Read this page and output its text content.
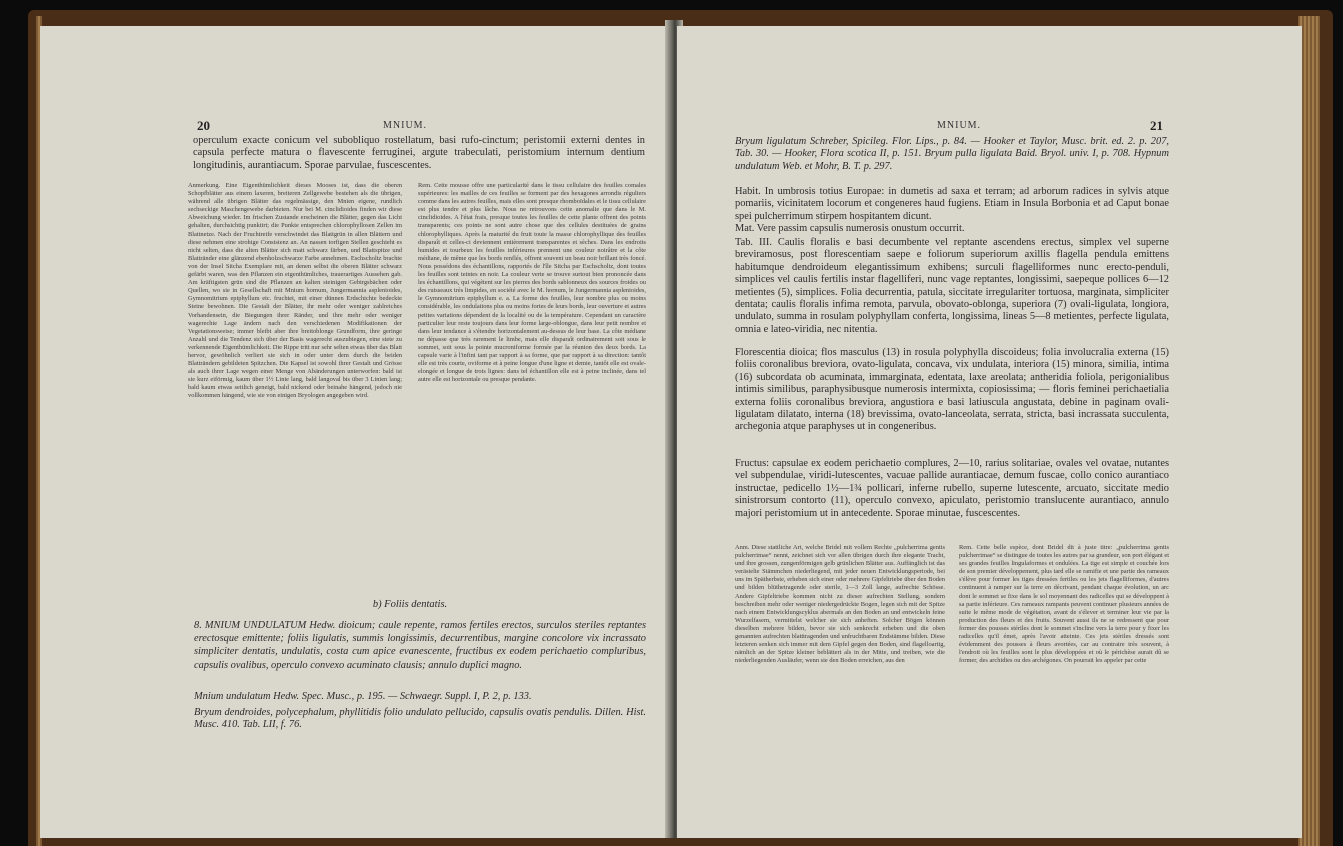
20	MNIUM.

operculum exacte conicum vel subobliquo rostellatum, basi rufo-cinctum; peristomii externi dentes in capsula perfecte matura o flavescente ferruginei, argute trabeculati, peristomium internum dentium longitudinis, aurantiacum. Sporae parvulae, fuscescentes.

Anmerkung. Eine Eigenthümlichkeit dieses Mooses ist, dass die oberen Schopfblätter aus einem laxeren, breiteren Zellgewebe bestehen als die übrigen, während alle übrigen Blätter das regelmässige, den Mnien eigene, rundlich sechseckige Maschengewebe darbieten. Nur bei M. cinclidioides finden wir diese Abweichung wieder. Im frischen Zustande erscheinen die Blätter, gegen das Licht gehalten, durchsichtig punktirt; die Punkte entsprechen chlorophyllosen Zellen im Blattnetze. Nach der Fruchtreife verschwindet das Blattgrün in allen Blättern und diese nehmen eine strohige Consistenz an. An nassen torfigen Stellen geschieht es nicht selten, dass die alten Blätter sich matt schwarz färben, und Blattspitze und Blattränder eine glänzend ebenholzschwarze Farbe annehmen. Eschscholtz brachte von der Insel Sitcha Exemplare mit, an denen selbst die oberen Blätter schwarz gefärbt waren, was den Pflanzen ein eigenthümliches, trauerartiges Aussehen gab. Am kräftigsten grün sind die Pflanzen an kalten steinigen Gebirgsbächen oder Quellen, wo sie in Gesellschaft mit Mnium hornum, Jungermannia asplenioides, Gymnomitrium epiphyllum etc. fruchtet, mit einer dünnen Erdschichte bedeckte Steine bewohnen. Die Gestalt der Blätter, ihr mehr oder weniger zahlreiches Vorhandensein, die Biegungen ihrer Ränder, und ihre mehr oder weniger wagerechte Lage ändern nach den verschiedenen Modifikationen der Vegetationsweise; immer bleibt aber ihre breitoblonge Grundform, ihre geringe Anzahl und die Tendenz sich über der Basis wagerecht auszubiegen, eine stete zu verkennende Eigenthümlichkeit. Die Rippe tritt nur sehr selten etwas über das Blatt hervor, gewöhnlich verliert sie sich in oder unter dem durch die beiden Blatträndern gebildeten Spitzchen. Die Kapsel ist sowohl ihrer Gestalt und Grösse als auch ihrer Lage wegen einer Menge von Abänderungen unterworfen: bald ist sie kurz eiförmig, kaum über 1½ Linie lang, bald langoval bis über 3 Linien lang; bald kaum etwas seitlich geneigt, bald nickend oder beinahe hängend, jedoch nie vollkommen hängend, wie sie von einigen Bryologen angegeben wird.

Rem. Cette mousse offre une particularité dans le tissu cellulaire des feuilles comales supérieures: les mailles de ces feuilles se forment par des hexagones arrondis réguliers comme dans les autres feuilles, mais elles sont presque rhomboïdales et le tissu cellulaire est plus tendre et plus lâche. Nous ne retrouvons cette anomalie que dans le M. cinclidioides. A l'état frais, presque toutes les feuilles de cette plante offrent des points transparents; ces points ne sont autre chose que des cellules destituées de grains chlorophylliques. Après la maturité du fruit toute la masse chlorophyllique des feuilles disparaît et celles-ci deviennent entièrement transparentes et sèches. Dans les endroits humides et tourbeux les feuilles inférieures prennent une couleur noirâtre et la côte médiane, de même que les bords renflés, offrent souvent un beau noir brillant très foncé. Nous possédons des échantillons, rapportés de l'île Sitcha par Eschscholtz, dont toutes les feuilles sont teintes en noir. La couleur verte se trouve surtout bien prononcée dans les échantillons, qui végètent sur les pierres des bords sablonneux des sources froides ou des ruisseaux très limpides, en société avec le M. hornum, le Jungermannia asplenioides, le Gymnomitrium epiphyllum e. a. La forme des feuilles, leur nombre plus ou moins considérable, les ondulations plus ou moins fortes de leurs bords, leur ouverture et autres petites variations dépendent de la localité ou de la température. Cependant un caractère particulier leur reste toujours dans leur forme large-oblongue, dans leur petit nombre et dans leur tendance à s'étendre horizontalement au-dessus de leur base. La côte médiane ne dépasse que très rarement le limbe, mais elle disparaît ordinairement soit sous le sommet, soit sous la pointe mucroniforme formée par la réunion des deux bords. La capsule varie à l'infini tant par rapport à sa forme, que par rapport à sa direction: tantôt elle est très courte, oviforme et à peine longue d'une ligne et demie, tantôt elle est ovale-elongée et longue de trois lignes: dans tel échantillon elle est à peine inclinée, dans tel autre elle est horizontale ou presque pendante.

b) Foliis dentatis.

8. MNIUM UNDULATUM Hedw. dioicum; caule repente, ramos fertiles erectos, surculos steriles reptantes erectosque emittente; foliis ligulatis, summis longissimis, decurrentibus, margine concolore vix incrassato simpliciter dentatis, undulatis, costa cum apice evanescente, fructibus ex eodem perichaetio compluribus, capsulis ovalibus, operculo convexo acuminato clausis; annulo duplici magno.

Mnium undulatum Hedw. Spec. Musc., p. 195. — Schwaegr. Suppl. I, P. 2, p. 133.

Bryum dendroides, polycephalum, phyllitidis folio undulato pellucido, capsulis ovatis pendulis. Dillen. Hist. Musc. 410. Tab. LII, f. 76.

MNIUM.	21

Bryum ligulatum Schreber, Spicileg. Flor. Lips., p. 84. — Hooker et Taylor, Musc. brit. ed. 2. p. 207, Tab. 30. — Hooker, Flora scotica II, p. 151. Bryum pulla ligulata Baid. Bryol. univ. I, p. 708. Hypnum undulatum Web. et Mohr, B. T. p. 297.

Habit. In umbrosis totius Europae: in dumetis ad saxa et terram; ad arborum radices in sylvis atque pomariis, vicinitatem locorum et congeneres haud fugiens. Etiam in Insula Borbonia et ad Caput bonae spei pulcherrimum stirpem hospitantem dicunt.

Mat. Vere passim capsulis numerosis onustum occurrit.

Tab. III. Caulis floralis e basi decumbente vel reptante ascendens erectus, simplex vel superne breviramosus, post florescentiam saepe e foliorum superiorum axillis flagella pendula emittens habitumque dendroideum elegantissimum exhibens; surculi flagelliformes nunc erecto-penduli, simplices vel caulis fertilis instar flagelliferi, nunc vage reptantes, longissimi, saepeque pollices 6—12 metientes (5), simplices. Folia decurrentia, patula, siccitate irregulariter tortuosa, marginata, simpliciter dentata; caulis floralis infima remota, parvula, obovato-oblonga, superiora (7) ovali-ligulata, longiora, undulato, summa in rosulam polyphyllam conferta, longissima, lineas 5—8 metientes, perfecte ligulata, omnia e lateo-viridia, nec nitentia.

Florescentia dioica; flos masculus (13) in rosula polyphylla discoideus; folia involucralia externa (15) foliis coronalibus breviora, ovato-ligulata, concava, vix undulata, interiora (15) minora, similia, intima (16) subcordata ob acuminata, immarginata, edentata, laxe areolata; antheridia foliola, perigonialibus intimis similibus, paraphysibusque numerosis intermixta, copiosissima; — floris feminei perichaetialia externa foliis coronalibus breviora, angustiora e basi latiuscula angustata, debine in paginam ovali-ligulatam dilatato, interna (18) brevissima, ovato-lanceolata, serrata, stricta, basi incrassata succulenta, archegonia atque paraphyses ut in congeneribus.

Fructus: capsulae ex eodem perichaetio complures, 2—10, rarius solitariae, ovales vel ovatae, nutantes vel subpendulae, viridi-lutescentes, vacuae pallide aurantiacae, demum fuscae, collo conico aurantiaco instructae, pedicello 1½—1¾ pollicari, inferne rubello, superne lutescente, arcuato, siccitate medio sinistrorsum contorto (11), operculo convexo, apiculato, peristomio translucente aurantiaco, annulo majori peristomium ut in antecedente. Sporae minutae, fuscescentes.

Anm. Diese stattliche Art, welche Bridel mit vollem Rechte „pulcherrima gentis pulcherrimae“ nennt, zeichnet sich vor allen übrigen durch ihre elegante Tracht, und ihre grossen, zungenförmigen gelb grünlichen Blätter aus. Auffänglich ist das verästelte Stämmchen niederliegend, mit jeder neuen Entwicklungsperiode, bei uns im Spätherbste, erheben sich einer oder mehrere Gipfeltriebe über den Boden und bilden blüthetragende oder sterile, 1—3 Zoll lange, aufrechte Schösse. Andere Gipfeltriebe kommen nicht zu dieser aufrechten Stellung, sondern beschreiben mehr oder weniger niedergedrückte Bogen, legen sich mit der Spitze nach einem Entwicklungscyklus abermals an den Boden an und entwickeln feine Wurzelfasern, vermittelst welcher sie sich anheften. Solcher Bögen können dieselben mehrere bilden, bevor sie sich senkrecht erheben und die oben genannten aufrechten blatttragenden und unfruchtbaren Endstämme bilden. Diese letzteren senken sich immer mit dem Gipfel gegen den Boden, sind flagelloartig, nämlich an der Spitze kleiner beblättert als in der Mitte, und treiben, wie die niederliegenden Ausläufer, wenn sie den Boden erreichen, aus den

Rem. Cette belle espèce, dont Bridel dit à juste titre: „pulcherrima gentis pulcherrimae“ se distingue de toutes les autres par sa grandeur, son port élégant et ses grandes feuilles lingulaformes et ondulées. La tige est simple et couchée lors de son premier développement, plus tard elle se ramifie et une partie des rameaux s'élève pour former les tiges dressées fertiles ou les jets flagelliformes, d'autres continuent à ramper sur la terre en décrivant, pendant chaque évolution, un arc dont le sommet se fixe dans le sol moyennant des radicelles qui se développent à sa partie inférieure. Ces rameaux rampants peuvent continuer plusieurs années de suite le même mode de végétation, avant de s'élever et terminer leur vie par la production des fleurs et des fruits. Souvent aussi ils ne se redressent que pour former des pousses stériles dont le sommet s'incline vers la terre pour y fixer les radicelles qu'il émet, après l'avoir atteinte. Ces jets stériles dressés sont évidemment des pousses à fleurs avortées, car au contraire très souvent, à l'endroit où les feuilles sont le plus développées et où le périchèse aurait dû se former, des archidies ou des archégones. On pourrait les appeler par cette
